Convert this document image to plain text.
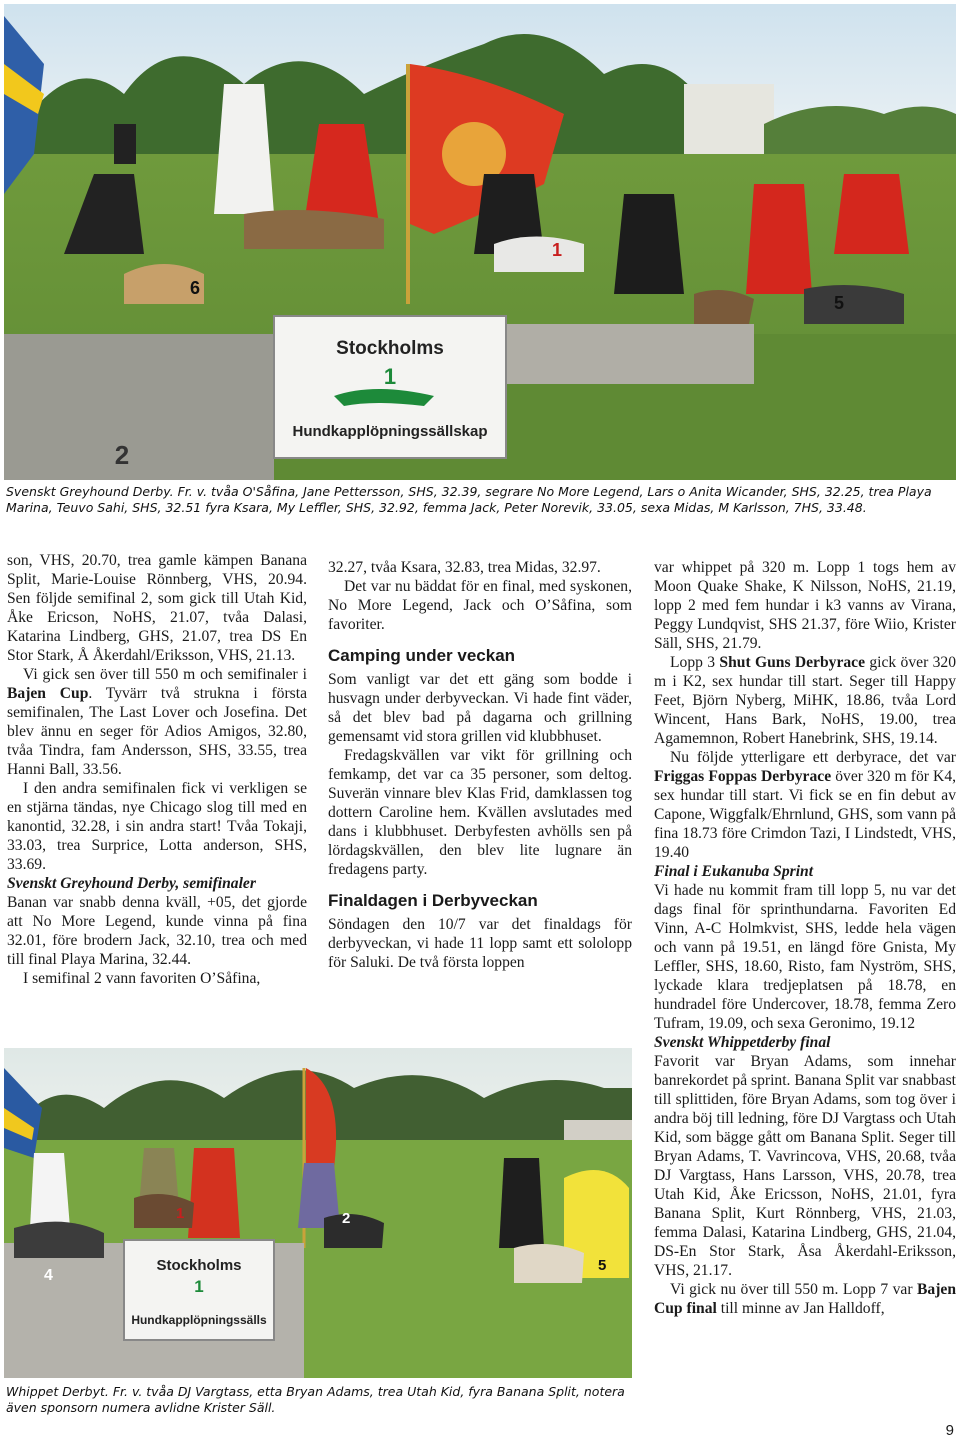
Stockholms
1
Hundkapplöpningssällskap
2
6
1
5
Svenskt Greyhound Derby. Fr. v. tvåa O'Såfina, Jane Pettersson, SHS, 32.39, segrare No More Legend, Lars o Anita Wicander, SHS, 32.25, trea Playa Marina, Teuvo Sahi, SHS, 32.51 fyra Ksara, My Leffler, SHS, 32.92, femma Jack, Peter Norevik, 33.05, sexa Midas, M Karlsson, 7HS, 33.48.

son, VHS, 20.70, trea gamle kämpen Banana Split, Marie-Louise Rönnberg, VHS, 20.94. Sen följde semifinal 2, som gick till Utah Kid, Åke Ericson, NoHS, 21.07, tvåa Dalasi, Katarina Lindberg, GHS, 21.07, trea DS En Stor Stark, Å Åkerdahl/Eriksson, VHS, 21.13.

Vi gick sen över till 550 m och semifinaler i Bajen Cup. Tyvärr två strukna i första semifinalen, The Last Lover och Josefina. Det blev ännu en seger för Adios Amigos, 32.80, tvåa Tindra, fam Andersson, SHS, 33.55, trea Hanni Ball, 33.56.

I den andra semifinalen fick vi verkligen se en stjärna tändas, nye Chicago slog till med en kanontid, 32.28, i sin andra start! Tvåa Tokaji, 33.03, trea Surprice, Lotta anderson, SHS, 33.69.

Svenskt Greyhound Derby, semifinaler

Banan var snabb denna kväll, +05, det gjorde att No More Legend, kunde vinna på fina 32.01, före brodern Jack, 32.10, trea och med till final Playa Marina, 32.44.

I semifinal 2 vann favoriten O’Såfina,

32.27, tvåa Ksara, 32.83, trea Midas, 32.97.

Det var nu bäddat för en final, med syskonen, No More Legend, Jack och O’Såfina, som favoriter.

Camping under veckan

Som vanligt var det ett gäng som bodde i husvagn under derbyveckan. Vi hade fint väder, så det blev bad på dagarna och grillning gemensamt vid stora grillen vid klubbhuset.

Fredagskvällen var vikt för grillning och femkamp, det var ca 35 personer, som deltog. Suverän vinnare blev Klas Frid, damklassen tog dottern Caroline hem. Kvällen avslutades med dans i klubbhuset. Derbyfesten avhölls sen på lördagskvällen, den blev lite lugnare än fredagens party.

Finaldagen i Derbyveckan

Söndagen den 10/7 var det finaldags för derbyveckan, vi hade 11 lopp samt ett sololopp för Saluki. De två första loppen

var whippet på 320 m. Lopp 1 togs hem av Moon Quake Shake, K Nilsson, NoHS, 21.19, lopp 2 med fem hundar i k3 vanns av Virana, Peggy Lundqvist, SHS 21.37, före Wiio, Krister Säll, SHS, 21.79.

Lopp 3 Shut Guns Derbyrace gick över 320 m i K2, sex hundar till start. Seger till Happy Feet, Björn Nyberg, MiHK, 18.86, tvåa Lord Wincent, Hans Bark, NoHS, 19.00, trea Agamemnon, Robert Hanebrink, SHS, 19.14.

Nu följde ytterligare ett derbyrace, det var Friggas Foppas Derbyrace över 320 m för K4, sex hundar till start. Vi fick se en fin debut av Capone, Wiggfalk/Ehrnlund, GHS, som vann på fina 18.73 före Crimdon Tazi, I Lindstedt, VHS, 19.40

Final i Eukanuba Sprint

Vi hade nu kommit fram till lopp 5, nu var det dags final för sprinthundarna. Favoriten Ed Vinn, A-C Holmkvist, SHS, ledde hela vägen och vann på 19.51, en längd före Gnista, My Leffler, SHS, 18.60, Risto, fam Nyström, SHS, lyckade klara tredjeplatsen på 18.78, en hundradel före Undercover, 18.78, femma Zero Tufram, 19.09, och sexa Geronimo, 19.12

Svenskt Whippetderby final

Favorit var Bryan Adams, som innehar banrekordet på sprint. Banana Split var snabbast till splittiden, före Bryan Adams, som tog över i andra böj till ledning, före DJ Vargtass och Utah Kid, som bägge gått om Banana Split. Seger till Bryan Adams, T. Vavrincova, VHS, 20.68, tvåa DJ Vargtass, Hans Larsson, VHS, 20.78, trea Utah Kid, Åke Ericsson, NoHS, 21.01, fyra Banana Split, Kurt Rönnberg, VHS, 21.03, femma Dalasi, Katarina Lindberg, GHS, 21.04, DS-En Stor Stark, Åsa Åkerdahl-Eriksson, VHS, 21.17.

Vi gick nu över till 550 m. Lopp 7 var Bajen Cup final till minne av Jan Halldoff,

Stockholms
1
Hundkapplöpningssälls
4
1	2
5
Whippet Derbyt. Fr. v. tvåa DJ Vargtass, etta Bryan Adams, trea Utah Kid, fyra Banana Split, notera även sponsorn numera avlidne Krister Säll.
9
